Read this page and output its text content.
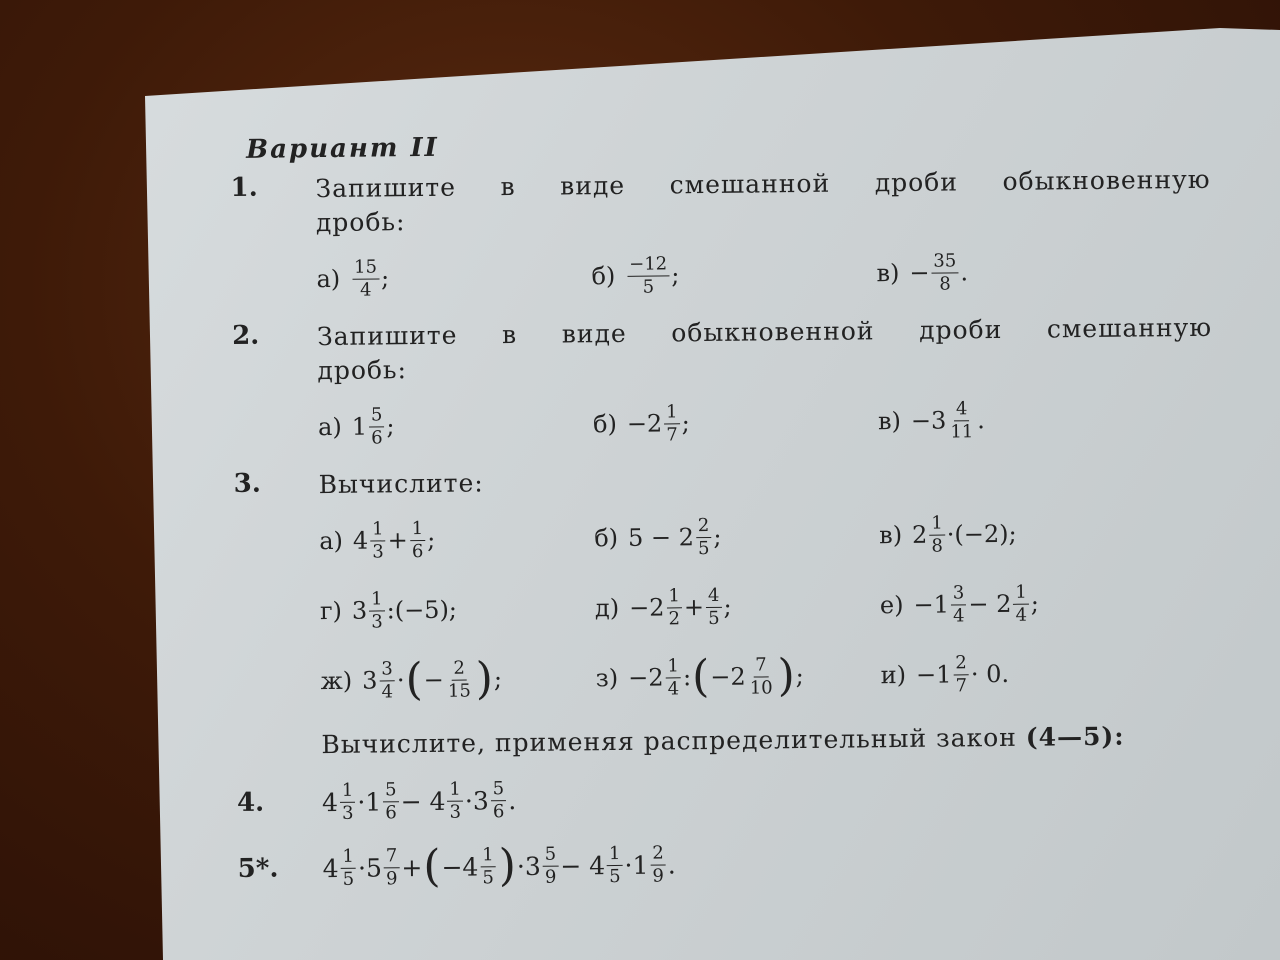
Вариант II
1.	Запишите в виде смешанной дроби обыкновенную дробь:
$а) \frac{15}{4}$ ;	$б) \frac{-12}{5}$ ;	$в) - \frac{35}{8}$ .
2.	Запишите в виде обыкновенной дроби смешанную дробь:
а) $1 \frac{5}{6}$ ;	$б) - 2 \frac{1}{7}$ ;	$в) - 3 \frac{4}{11}$ .
3.	Вычислите:
а) $4 \frac{1}{3} + \frac{1}{6}$ ;	б) $5 - 2 \frac{2}{5}$ ;	в) $2 \frac{1}{8} \cdot(-2)$;
г) $3 \frac{1}{3}$ :(−5);	$д) -2 \frac{1}{2} + \frac{4}{5}$ ;	$е) -1 \frac{3}{4} - 2 \frac{1}{4}$ ;
ж) $3 \frac{3}{4}$ · ( − $\frac{2}{15}$ ) ;	$з) -2 \frac{1}{4}$ : ( $-2 \frac{7}{10}$ ) ;	$и) -1 \frac{2}{7} \cdot 0$.
Вычислите, применяя распределительный закон (4—5):
4.	$4 \frac{1}{3} \cdot 1 \frac{5}{6} - 4 \frac{1}{3} \cdot 3 \frac{5}{6}$ .
5*.	$4 \frac{1}{5} \cdot 5 \frac{7}{9}$ + ( $-4 \frac{1}{5}$ ) $\cdot 3 \frac{5}{9} - 4 \frac{1}{5} \cdot 1 \frac{2}{9}$ .
